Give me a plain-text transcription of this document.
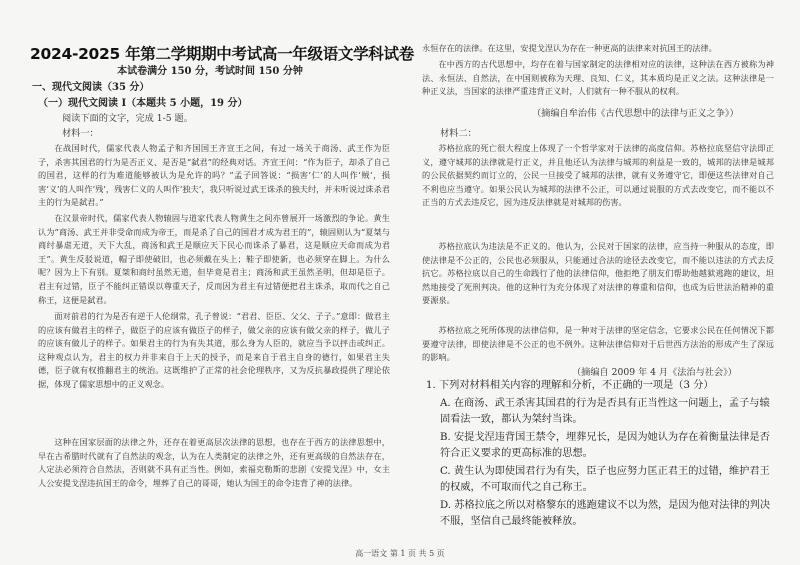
2024-2025 年第二学期期中考试高一年级语文学科试卷
本试卷满分 150 分，考试时间 150 分钟
一、现代文阅读（35 分）
（一）现代文阅读 I（本题共 5 小题，19 分）
阅读下面的文字，完成 1-5 题。
材料一：
在战国时代，儒家代表人物孟子和齐国国王齐宣王之间，有过一场关于商汤、武王作为臣子，杀害其国君的行为是否正义、是否是“弑君”的经典对话。齐宣王问：“作为臣子，却杀了自己的国君，这样的行为难道能够被认为是允许的吗？”孟子回答说：“损害‘仁’的人叫作‘贼’，损害‘义’的人叫作‘残’，残害仁义的人叫作‘独夫’，我只听说过武王诛杀的独夫纣，并未听说过诛杀君主的行为是弑君。”
在汉景帝时代，儒家代表人物辕固与道家代表人物黄生之间亦曾展开一场激烈的争论。黄生认为“商汤、武王并非受命而成为帝王，而是杀了自己的国君才成为君王的”，辕固则认为“夏桀与商纣暴虐无道，天下大乱，商汤和武王是顺应天下民心而诛杀了暴君，这是顺应天命而成为君王”。黄生反驳说道，帽子即使破旧，也必须戴在头上；鞋子即使新，也必须穿在脚上。为什么呢？因为上下有别。夏桀和商纣虽然无道，但毕竟是君主；商汤和武王虽然圣明，但却是臣子。君主有过错，臣子不能纠正错误以尊重天子，反而因为君主有过错便把君主诛杀，取而代之自己称王，这便是弑君。
面对前君的行为是否有逆于人伦纲常，孔子曾说：“君君、臣臣、父父、子子。”意即：做君主的应该有做君主的样子，做臣子的应该有做臣子的样子，做父亲的应该有做父亲的样子，做儿子的应该有做儿子的样子。如果君主的行为有失其道，那么身为人臣的，就应当予以抨击或纠正。这种观点认为，君主的权力并非来自于上天的授予，而是来自于君主自身的德行，如果君主失德，臣子就有权推翻君主的统治。这既维护了正常的社会伦理秩序，又为反抗暴政提供了理论依据，体现了儒家思想中的正义观念。
这种在国家层面的法律之外，还存在着更高层次法律的思想，也存在于西方的法律思想中，早在古希腊时代就有了自然法的观念，认为在人类制定的法律之外，还有更高级的自然法存在，人定法必须符合自然法，否则就不具有正当性。例如，索福克勒斯的悲剧《安提戈涅》中，女主人公安提戈涅违抗国王的命令，埋葬了自己的哥哥，她认为国王的命令违背了神的法律。
永恒存在的法律。在这里，安提戈涅认为存在一种更高的法律来对抗国王的法律。
在中西方的古代思想中，均存在着与国家制定的法律相对应的法律，这种法在西方被称为神法、永恒法、自然法，在中国则被称为天理、良知、仁义，其本质均是正义之法。这种法律是一种正义法，当国家的法律严重违背正义时，人们就有一种不服从的权利。
（摘编自牟治伟《古代思想中的法律与正义之争》）
材料二：
苏格拉底的死亡很大程度上体现了一个哲学家对于法律的高度信仰。苏格拉底坚信守法即正义，遵守城邦的法律就是行正义，并且他还认为法律与城邦的利益是一致的，城邦的法律是城邦的公民依据契约而订立的，公民一旦接受了城邦的法律，就有义务遵守它，即便这些法律对自己不利也应当遵守。如果公民认为城邦的法律不公正，可以通过说服的方式去改变它，而不能以不正当的方式去违反它，因为违反法律就是对城邦的伤害。
苏格拉底认为违法是不正义的。他认为，公民对于国家的法律，应当持一种服从的态度，即使法律是不公正的，公民也必须服从，只能通过合法的途径去改变它，而不能以违法的方式去反抗它。苏格拉底以自己的生命践行了他的法律信仰，他拒绝了朋友们帮助他越狱逃跑的建议，坦然地接受了死刑判决。他的这种行为充分体现了对法律的尊重和信仰，也成为后世法治精神的重要源泉。
苏格拉底之死所体现的法律信仰，是一种对于法律的坚定信念，它要求公民在任何情况下都要遵守法律，即使法律是不公正的也不例外。这种法律信仰对于后世西方法治的形成产生了深远的影响。
（摘编自 2009 年 4 月《法治与社会》）
1. 下列对材料相关内容的理解和分析，不正确的一项是（3 分）
A. 在商汤、武王杀害其国君的行为是否具有正当性这一问题上，孟子与辕固看法一致，都认为桀纣当诛。
B. 安提戈涅违背国王禁令，埋葬兄长，是因为她认为存在着衡量法律是否符合正义要求的更高标准的思想。
C. 黄生认为即使国君行为有失，臣子也应努力匡正君王的过错，维护君王的权威，不可取而代之自己称王。
D. 苏格拉底之所以对格黎东的逃跑建议不以为然，是因为他对法律的判决不服，坚信自己最终能被释放。
高一语文 第 1 页 共 5 页
